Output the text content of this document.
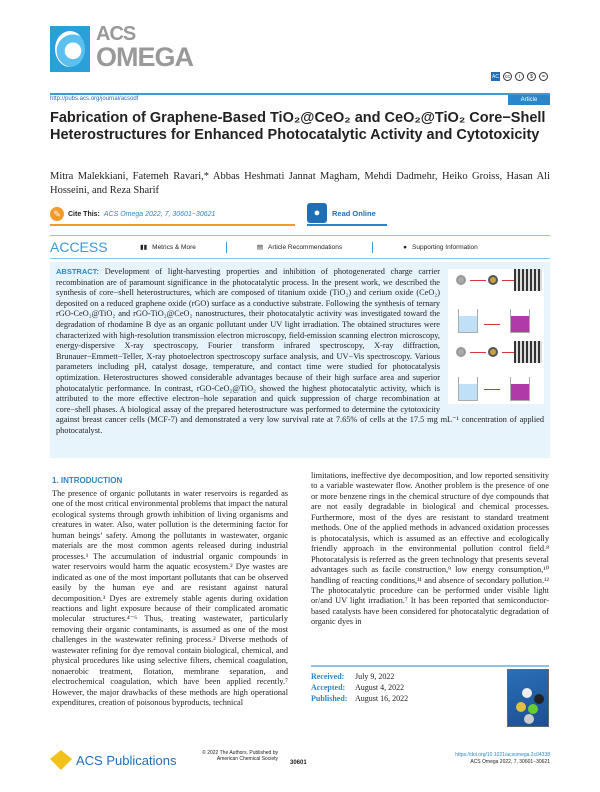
ACS
OMEGA
AC	cc	i	$	=
http://pubs.acs.org/journal/acsodf	Article
Fabrication of Graphene-Based TiO₂@CeO₂ and CeO₂@TiO₂ Core−Shell Heterostructures for Enhanced Photocatalytic Activity and Cytotoxicity
Mitra Malekkiani, Fatemeh Ravari,* Abbas Heshmati Jannat Magham, Mehdi Dadmehr, Heiko Groiss, Hasan Ali Hosseini, and Reza Sharif
✎	Cite This: ACS Omega 2022, 7, 30601−30621	●	Read Online
ACCESS	▮▮ Metrics & More	▤ Article Recommendations	● Supporting Information
ABSTRACT: Development of light-harvesting properties and inhibition of photogenerated charge carrier recombination are of paramount significance in the photocatalytic process. In the present work, we described the synthesis of core−shell heterostructures, which are composed of titanium oxide (TiO₂) and cerium oxide (CeO₂) deposited on a reduced graphene oxide (rGO) surface as a conductive substrate. Following the synthesis of ternary rGO-CeO₂@TiO₂ and rGO-TiO₂@CeO₂ nanostructures, their photocatalytic activity was investigated toward the degradation of rhodamine B dye as an organic pollutant under UV light irradiation. The obtained structures were characterized with high-resolution transmission electron microscopy, field-emission scanning electron microscopy, energy-dispersive X-ray spectroscopy, Fourier transform infrared spectroscopy, X-ray diffraction, Brunauer−Emmett−Teller, X-ray photoelectron spectroscopy surface analysis, and UV−Vis spectroscopy. Various parameters including pH, catalyst dosage, temperature, and contact time were studied for photocatalysis optimization. Heterostructures showed considerable advantages because of their high surface area and superior photocatalytic performance. In contrast, rGO-CeO₂@TiO₂ showed the highest photocatalytic activity, which is attributed to the more effective electron−hole separation and quick suppression of charge recombination at core−shell phases. A biological assay of the prepared heterostructure was performed to determine the cytotoxicity against breast cancer cells (MCF-7) and demonstrated a very low survival rate at 7.65% of cells at the 17.5 mg mL⁻¹ concentration of applied photocatalyst.
1. INTRODUCTION
The presence of organic pollutants in water reservoirs is regarded as one of the most critical environmental problems that impact the natural ecological systems through growth inhibition of living organisms and creatures in water. Also, water pollution is the determining factor for human beings’ safety. Among the pollutants in wastewater, organic materials are the most common agents released during industrial processes.¹ The accumulation of industrial organic compounds in water reservoirs would harm the aquatic ecosystem.² Dye wastes are indicated as one of the most important pollutants that can be observed easily by the human eye and are resistant against natural decomposition.³ Dyes are extremely stable agents during oxidation reactions and light exposure because of their complicated aromatic molecular structures.⁴⁻⁶ Thus, treating wastewater, particularly removing their organic contaminants, is assumed as one of the most challenges in the wastewater refining process.² Diverse methods of wastewater refining for dye removal contain biological, chemical, and physical procedures like using selective filters, chemical coagulation, nonaerobic treatment, flotation, membrane separation, and electrochemical coagulation, which have been applied recently.⁷ However, the major drawbacks of these methods are high operational expenditures, creation of poisonous byproducts, technical
limitations, ineffective dye decomposition, and low reported sensitivity to a variable wastewater flow. Another problem is the presence of one or more benzene rings in the chemical structure of dye compounds that are not easily degradable in biological and chemical processes. Furthermore, most of the dyes are resistant to standard treatment methods. One of the applied methods in advanced oxidation processes is photocatalysis, which is assumed as an effective and ecologically friendly approach in the environmental pollution control field.⁸ Photocatalysis is referred as the green technology that presents several advantages such as facile construction,⁹ low energy consumption,¹⁰ handling of reacting conditions,¹¹ and absence of secondary pollution.¹² The photocatalytic procedure can be performed under visible light or/and UV light irradiation.⁷ It has been reported that semiconductor-based catalysts have been considered for photocatalytic degradation of organic dyes in
Received: July 9, 2022
Accepted: August 4, 2022
Published: August 16, 2022
ACS Publications	© 2022 The Authors. Published by
American Chemical Society
30601
https://doi.org/10.1021/acsomega.2c04338
ACS Omega 2022, 7, 30601−30621
